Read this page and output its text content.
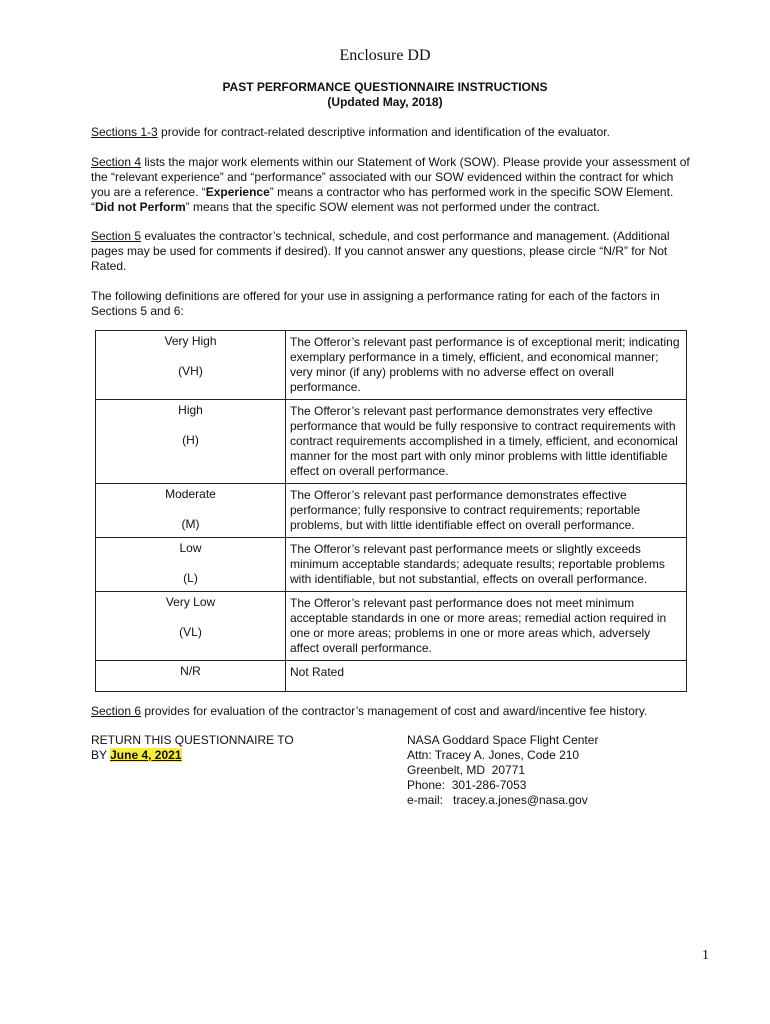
Enclosure DD
PAST PERFORMANCE QUESTIONNAIRE INSTRUCTIONS
(Updated May, 2018)

Sections 1-3 provide for contract-related descriptive information and identification of the evaluator.

Section 4 lists the major work elements within our Statement of Work (SOW). Please provide your assessment of the “relevant experience” and “performance” associated with our SOW evidenced within the contract for which you are a reference. “Experience” means a contractor who has performed work in the specific SOW Element. “Did not Perform” means that the specific SOW element was not performed under the contract.

Section 5 evaluates the contractor’s technical, schedule, and cost performance and management. (Additional pages may be used for comments if desired). If you cannot answer any questions, please circle “N/R” for Not Rated.

The following definitions are offered for your use in assigning a performance rating for each of the factors in Sections 5 and 6:

Very High
(VH)	The Offeror’s relevant past performance is of exceptional merit; indicating exemplary performance in a timely, efficient, and economical manner; very minor (if any) problems with no adverse effect on overall performance.
High
(H)	The Offeror’s relevant past performance demonstrates very effective performance that would be fully responsive to contract requirements with contract requirements accomplished in a timely, efficient, and economical manner for the most part with only minor problems with little identifiable effect on overall performance.
Moderate
(M)	The Offeror’s relevant past performance demonstrates effective performance; fully responsive to contract requirements; reportable problems, but with little identifiable effect on overall performance.
Low
(L)	The Offeror’s relevant past performance meets or slightly exceeds minimum acceptable standards; adequate results; reportable problems with identifiable, but not substantial, effects on overall performance.
Very Low
(VL)	The Offeror’s relevant past performance does not meet minimum acceptable standards in one or more areas; remedial action required in one or more areas; problems in one or more areas which, adversely affect overall performance.
N/R	Not Rated

Section 6 provides for evaluation of the contractor’s management of cost and award/incentive fee history.

RETURN THIS QUESTIONNAIRE TO
BY June 4, 2021
NASA Goddard Space Flight Center
Attn: Tracey A. Jones, Code 210
Greenbelt, MD  20771
Phone:  301-286-7053
e-mail:   tracey.a.jones@nasa.gov
1
